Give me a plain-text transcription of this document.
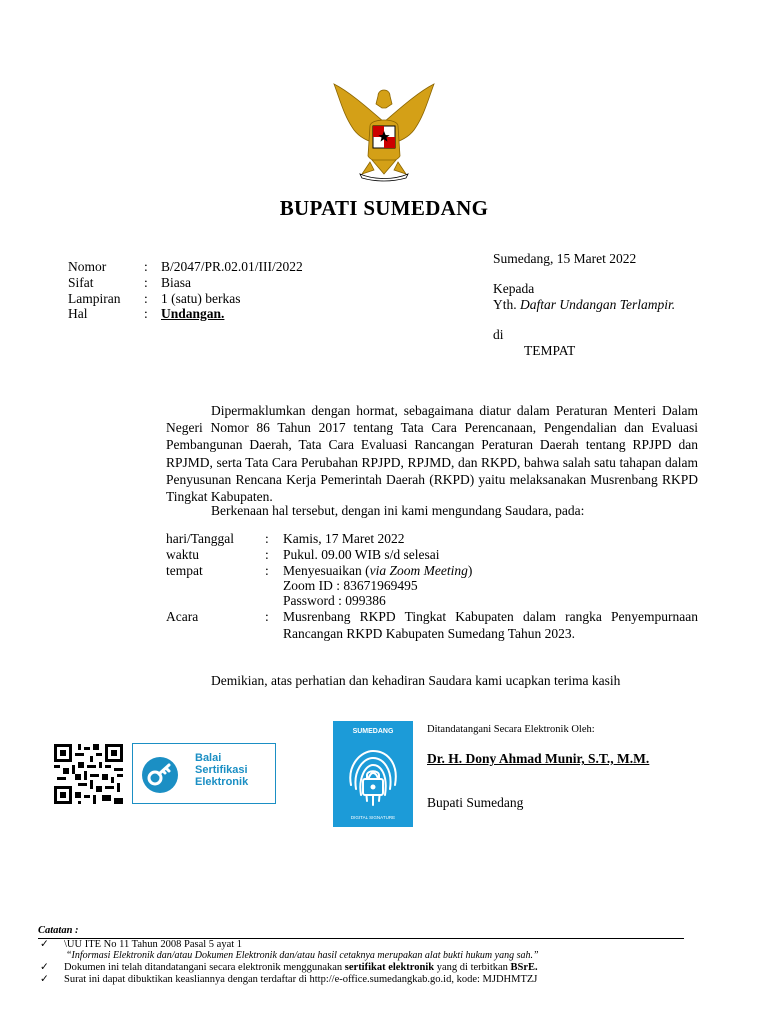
BUPATI SUMEDANG
Nomor	: B/2047/PR.02.01/III/2022
Sifat	: Biasa
Lampiran : 1 (satu) berkas
Hal	: Undangan.
Sumedang, 15 Maret 2022
Kepada
Yth. Daftar Undangan Terlampir.
di
TEMPAT
Dipermaklumkan dengan hormat, sebagaimana diatur dalam Peraturan Menteri Dalam Negeri Nomor 86 Tahun 2017 tentang Tata Cara Perencanaan, Pengendalian dan Evaluasi Pembangunan Daerah, Tata Cara Evaluasi Rancangan Peraturan Daerah tentang RPJPD dan RPJMD, serta Tata Cara Perubahan RPJPD, RPJMD, dan RKPD, bahwa salah satu tahapan dalam Penyusunan Rencana Kerja Pemerintah Daerah (RKPD) yaitu melaksanakan Musrenbang RKPD Tingkat Kabupaten.
Berkenaan hal tersebut, dengan ini kami mengundang Saudara, pada:
hari/Tanggal : Kamis, 17 Maret 2022
waktu	: Pukul. 09.00 WIB s/d selesai
tempat	: Menyesuaikan (via Zoom Meeting)
Zoom ID : 83671969495
Password : 099386
Acara	: Musrenbang RKPD Tingkat Kabupaten dalam rangka Penyempurnaan Rancangan RKPD Kabupaten Sumedang Tahun 2023.
Demikian, atas perhatian dan kehadiran Saudara kami ucapkan terima kasih
Balai
Sertifikasi
Elektronik
SUMEDANG
DIGITAL SIGNATURE
Ditandatangani Secara Elektronik Oleh:
Dr. H. Dony Ahmad Munir, S.T., M.M.
Bupati Sumedang
Catatan :
✓ \UU ITE No 11 Tahun 2008 Pasal 5 ayat 1
“Informasi Elektronik dan/atau Dokumen Elektronik dan/atau hasil cetaknya merupakan alat bukti hukum yang sah.”
✓ Dokumen ini telah ditandatangani secara elektronik menggunakan sertifikat elektronik yang di terbitkan BSrE.
✓ Surat ini dapat dibuktikan keasliannya dengan terdaftar di http://e-office.sumedangkab.go.id, kode: MJDHMTZJ
